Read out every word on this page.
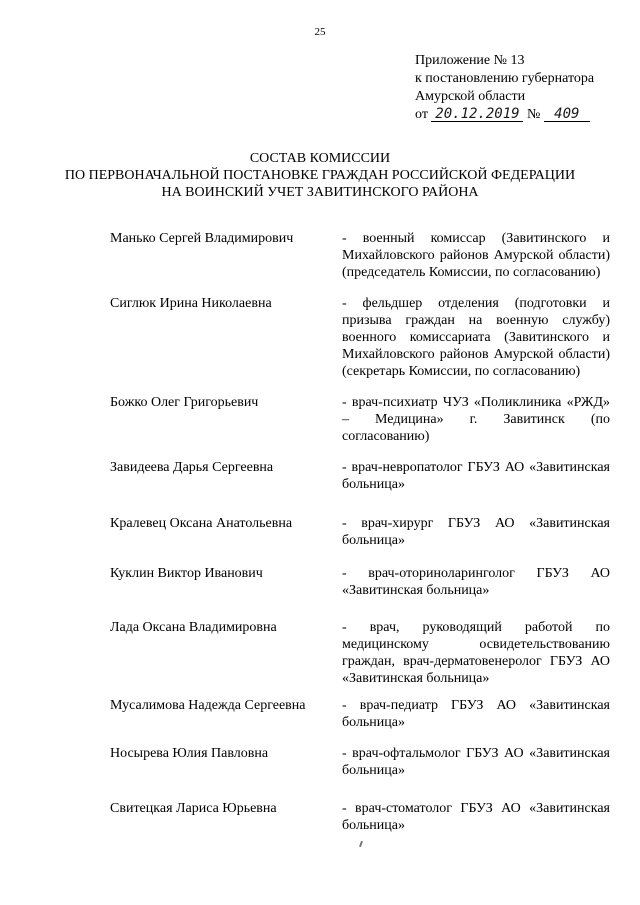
25
Приложение № 13
к постановлению губернатора
Амурской области
от 20.12.2019 № 409
СОСТАВ КОМИССИИ
ПО ПЕРВОНАЧАЛЬНОЙ ПОСТАНОВКЕ ГРАЖДАН РОССИЙСКОЙ ФЕДЕРАЦИИ
НА ВОИНСКИЙ УЧЕТ ЗАВИТИНСКОГО РАЙОНА
Манько Сергей Владимирович	- военный комиссар (Завитинского и Михайловского районов Амурской области) (председатель Комиссии, по согласованию)
Сиглюк Ирина Николаевна	- фельдшер отделения (подготовки и призыва граждан на военную службу) военного комиссариата (Завитинского и Михайловского районов Амурской области) (секретарь Комиссии, по согласованию)
Божко Олег Григорьевич	- врач-психиатр ЧУЗ «Поликлиника «РЖД» – Медицина» г. Завитинск (по согласованию)
Завидеева Дарья Сергеевна	- врач-невропатолог ГБУЗ АО «Завитинская больница»
Кралевец Оксана Анатольевна	- врач-хирург ГБУЗ АО «Завитинская больница»
Куклин Виктор Иванович	- врач-оториноларинголог ГБУЗ АО «Завитинская больница»
Лада Оксана Владимировна	- врач, руководящий работой по медицинскому освидетельствованию граждан, врач-дерматовенеролог ГБУЗ АО «Завитинская больница»
Мусалимова Надежда Сергеевна	- врач-педиатр ГБУЗ АО «Завитинская больница»
Носырева Юлия Павловна	- врач-офтальмолог ГБУЗ АО «Завитинская больница»
Свитецкая Лариса Юрьевна	- врач-стоматолог ГБУЗ АО «Завитинская больница»
